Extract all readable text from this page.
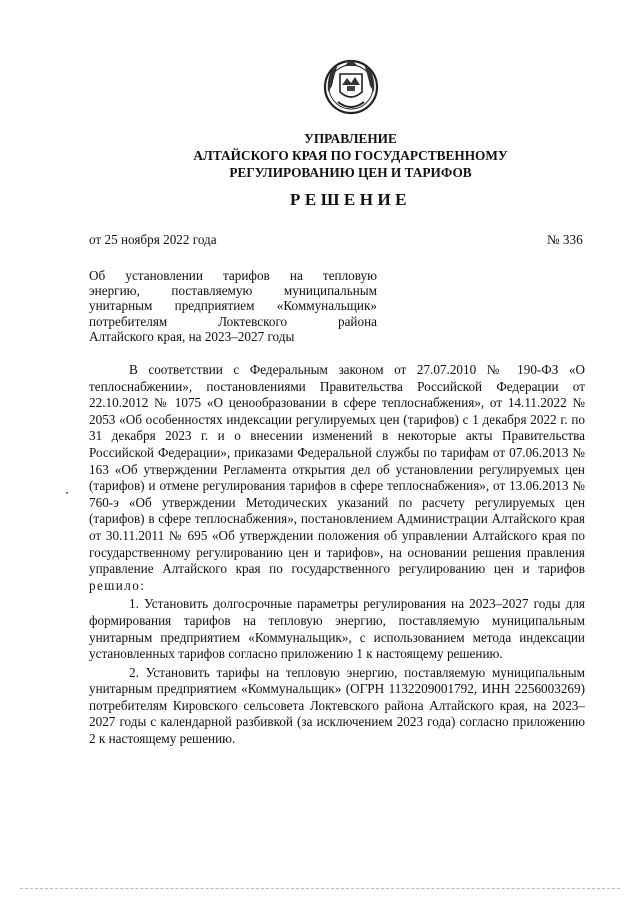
УПРАВЛЕНИЕ
АЛТАЙСКОГО КРАЯ ПО ГОСУДАРСТВЕННОМУ
РЕГУЛИРОВАНИЮ ЦЕН И ТАРИФОВ
РЕШЕНИЕ
от 25 ноября 2022 года	№ 336
Об установлении тарифов на тепловую
энергию, поставляемую муниципальным
унитарным предприятием «Коммунальщик»
потребителям Локтевского района
Алтайского края, на 2023–2027 годы

В соответствии с Федеральным законом от 27.07.2010 № 190-ФЗ «О теплоснабжении», постановлениями Правительства Российской Федерации от 22.10.2012 № 1075 «О ценообразовании в сфере теплоснабжения», от 14.11.2022 № 2053 «Об особенностях индексации регулируемых цен (тарифов) с 1 декабря 2022 г. по 31 декабря 2023 г. и о внесении изменений в некоторые акты Правительства Российской Федерации», приказами Федеральной службы по тарифам от 07.06.2013 № 163 «Об утверждении Регламента открытия дел об установлении регулируемых цен (тарифов) и отмене регулирования тарифов в сфере теплоснабжения», от 13.06.2013 № 760-э «Об утверждении Методических указаний по расчету регулируемых цен (тарифов) в сфере теплоснабжения», постановлением Администрации Алтайского края от 30.11.2011 № 695 «Об утверждении положения об управлении Алтайского края по государственному регулированию цен и тарифов», на основании решения правления управление Алтайского края по государственного регулированию цен и тарифов решило:

1. Установить долгосрочные параметры регулирования на 2023–2027 годы для формирования тарифов на тепловую энергию, поставляемую муниципальным унитарным предприятием «Коммунальщик», с использованием метода индексации установленных тарифов согласно приложению 1 к настоящему решению.

2. Установить тарифы на тепловую энергию, поставляемую муниципальным унитарным предприятием «Коммунальщик» (ОГРН 1132209001792, ИНН 2256003269) потребителям Кировского сельсовета Локтевского района Алтайского края, на 2023–2027 годы с календарной разбивкой (за исключением 2023 года) согласно приложению 2 к настоящему решению.
